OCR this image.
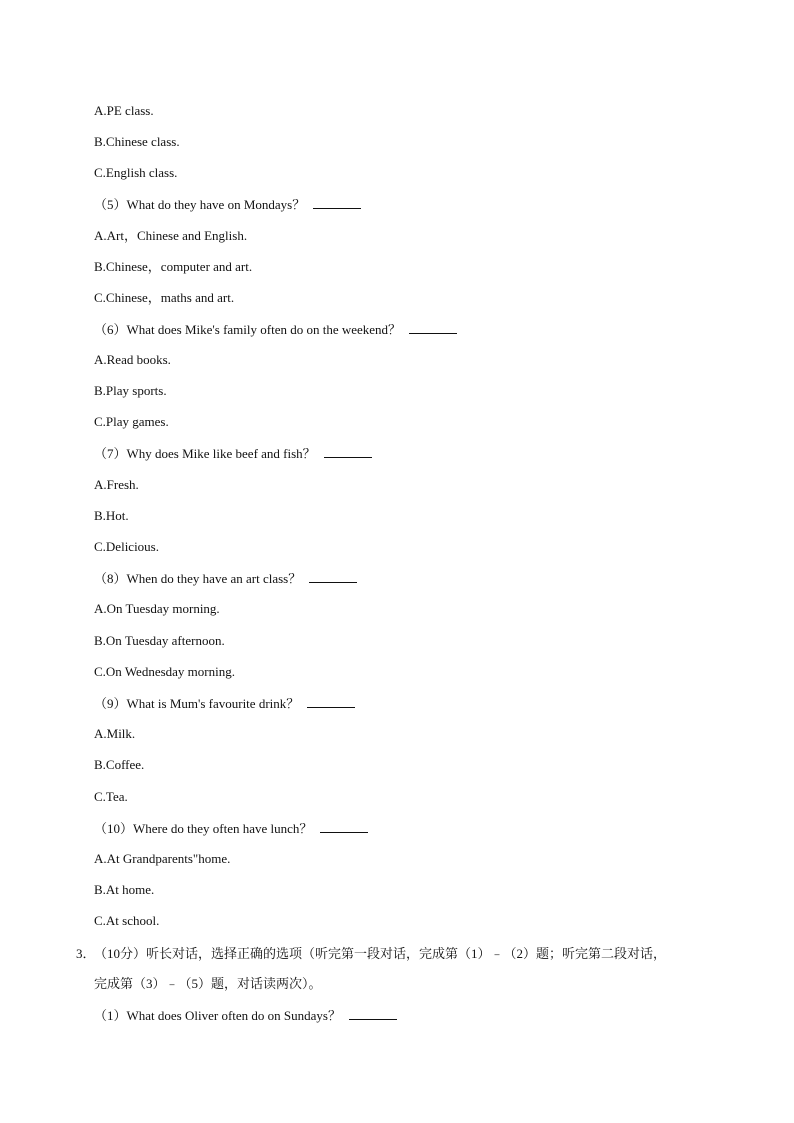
A.PE class.
B.Chinese class.
C.English class.
（5）What do they have on Mondays？
A.Art，Chinese and English.
B.Chinese，computer and art.
C.Chinese，maths and art.
（6）What does Mike's family often do on the weekend？
A.Read books.
B.Play sports.
C.Play games.
（7）Why does Mike like beef and fish？
A.Fresh.
B.Hot.
C.Delicious.
（8）When do they have an art class？
A.On Tuesday morning.
B.On Tuesday afternoon.
C.On Wednesday morning.
（9）What is Mum's favourite drink？
A.Milk.
B.Coffee.
C.Tea.
（10）Where do they often have lunch？
A.At Grandparents"home.
B.At home.
C.At school.
3．
（10分）听长对话，选择正确的选项（听完第一段对话，完成第（1）﹣（2）题；听完第二段对话，
完成第（3）﹣（5）题，对话读两次）。
（1）What does Oliver often do on Sundays？
